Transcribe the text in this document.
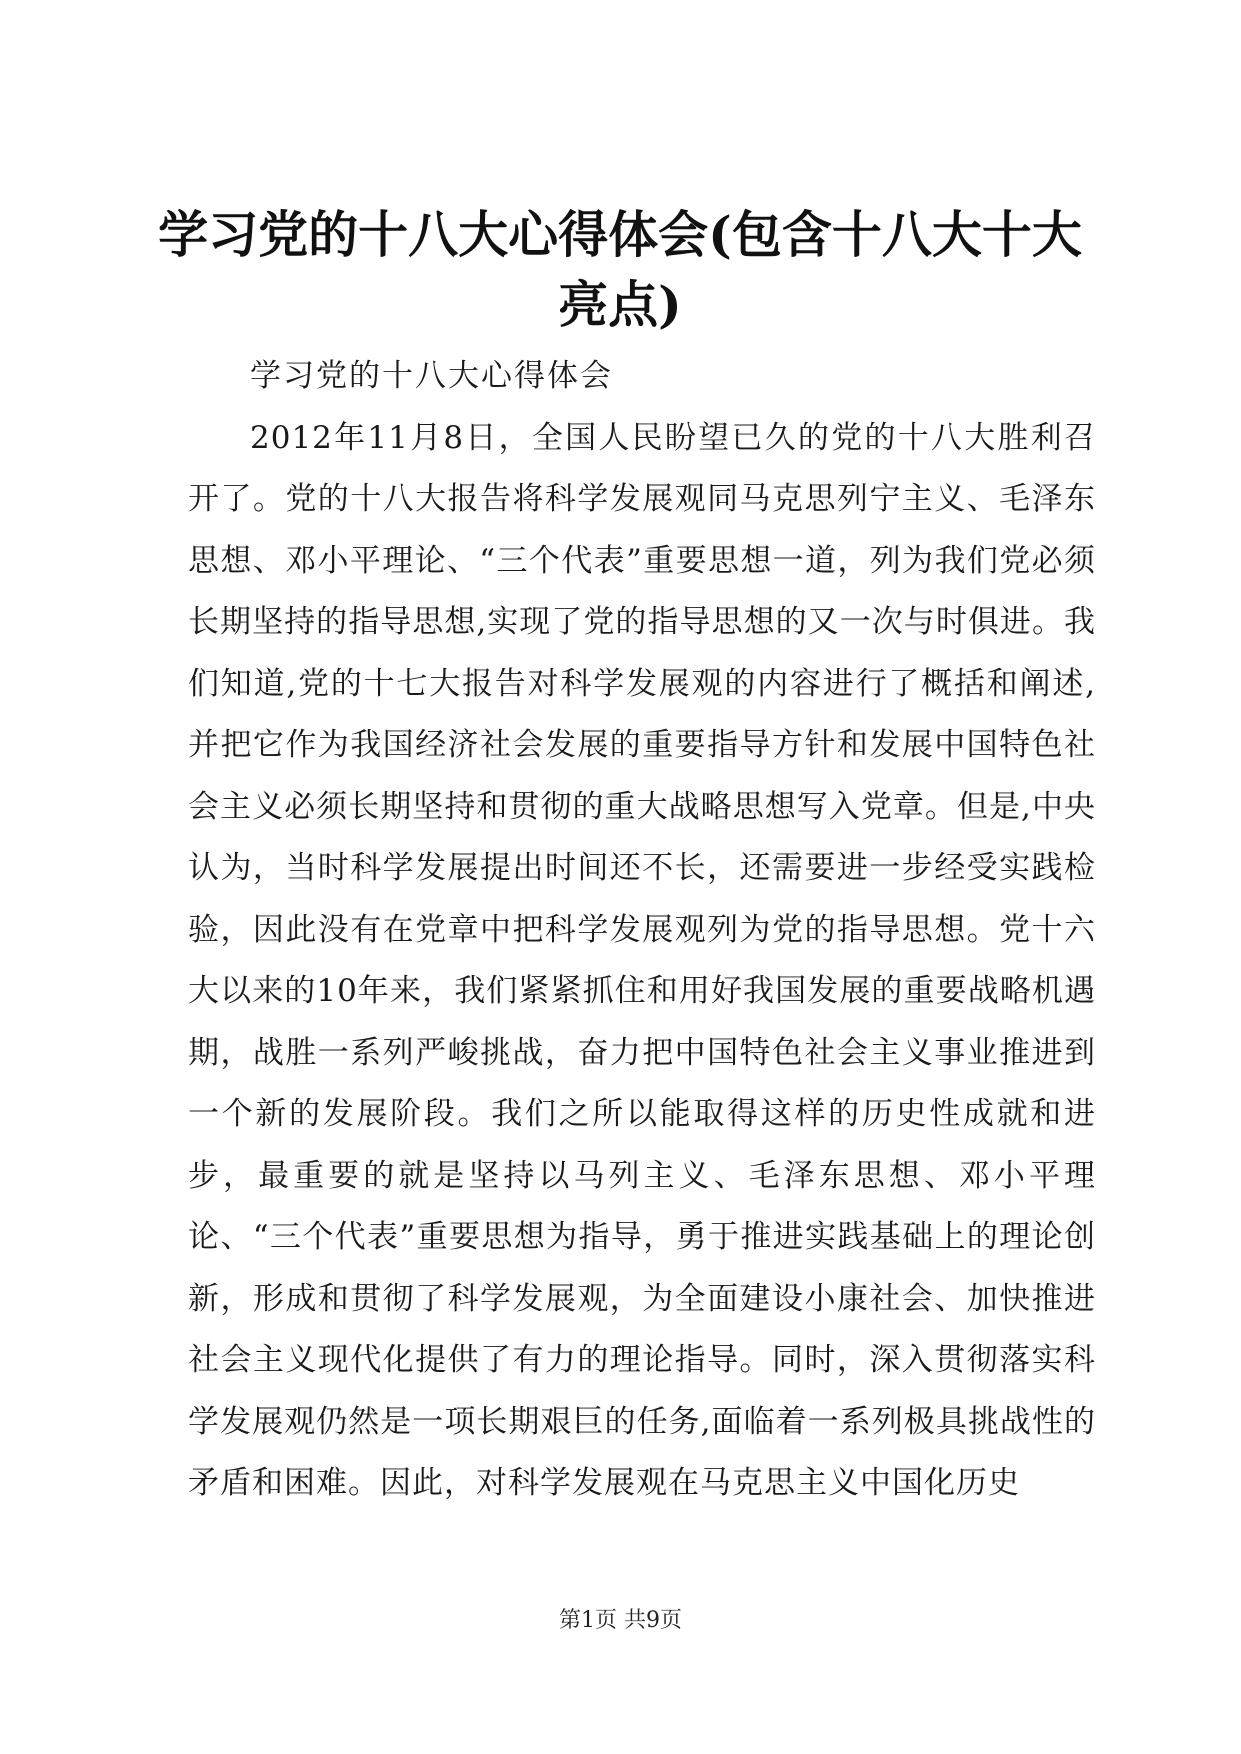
学习党的十八大心得体会(包含十八大十大亮点)

学习党的十八大心得体会

2012年11月8日，全国人民盼望已久的党的十八大胜利召开了。党的十八大报告将科学发展观同马克思列宁主义、毛泽东思想、邓小平理论、“三个代表”重要思想一道，列为我们党必须长期坚持的指导思想,实现了党的指导思想的又一次与时俱进。我们知道,党的十七大报告对科学发展观的内容进行了概括和阐述,并把它作为我国经济社会发展的重要指导方针和发展中国特色社会主义必须长期坚持和贯彻的重大战略思想写入党章。但是,中央认为，当时科学发展提出时间还不长，还需要进一步经受实践检验，因此没有在党章中把科学发展观列为党的指导思想。党十六大以来的10年来，我们紧紧抓住和用好我国发展的重要战略机遇期，战胜一系列严峻挑战，奋力把中国特色社会主义事业推进到一个新的发展阶段。我们之所以能取得这样的历史性成就和进步，最重要的就是坚持以马列主义、毛泽东思想、邓小平理论、“三个代表”重要思想为指导，勇于推进实践基础上的理论创新，形成和贯彻了科学发展观，为全面建设小康社会、加快推进社会主义现代化提供了有力的理论指导。同时，深入贯彻落实科学发展观仍然是一项长期艰巨的任务,面临着一系列极具挑战性的矛盾和困难。因此，对科学发展观在马克思主义中国化历史

第1页 共9页
